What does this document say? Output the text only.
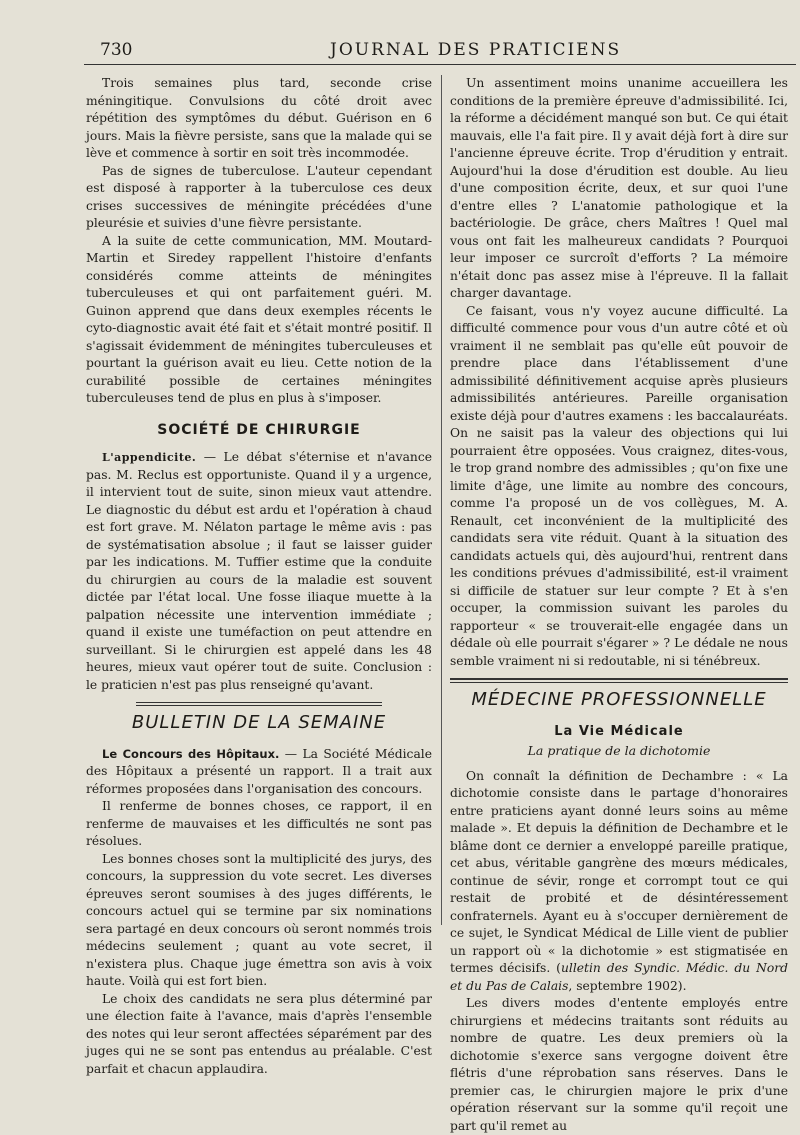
730	JOURNAL DES PRATICIENS

Trois semaines plus tard, seconde crise méningitique. Convulsions du côté droit avec répétition des symptômes du début. Guérison en 6 jours. Mais la fièvre persiste, sans que la malade qui se lève et commence à sortir en soit très incommodée.

Pas de signes de tuberculose. L'auteur cependant est disposé à rapporter à la tuberculose ces deux crises successives de méningite précédées d'une pleurésie et suivies d'une fièvre persistante.

A la suite de cette communication, MM. Moutard-Martin et Siredey rappellent l'histoire d'enfants considérés comme atteints de méningites tuberculeuses et qui ont parfaitement guéri. M. Guinon apprend que dans deux exemples récents le cyto-diagnostic avait été fait et s'était montré positif. Il s'agissait évidemment de méningites tuberculeuses et pourtant la guérison avait eu lieu. Cette notion de la curabilité possible de certaines méningites tuberculeuses tend de plus en plus à s'imposer.

SOCIÉTÉ DE CHIRURGIE

L'appendicite. — Le débat s'éternise et n'avance pas. M. Reclus est opportuniste. Quand il y a urgence, il intervient tout de suite, sinon mieux vaut attendre. Le diagnostic du début est ardu et l'opération à chaud est fort grave. M. Nélaton partage le même avis : pas de systématisation absolue ; il faut se laisser guider par les indications. M. Tuffier estime que la conduite du chirurgien au cours de la maladie est souvent dictée par l'état local. Une fosse iliaque muette à la palpation nécessite une intervention immédiate ; quand il existe une tuméfaction on peut attendre en surveillant. Si le chirurgien est appelé dans les 48 heures, mieux vaut opérer tout de suite. Conclusion : le praticien n'est pas plus renseigné qu'avant.

BULLETIN DE LA SEMAINE

Le Concours des Hôpitaux. — La Société Médicale des Hôpitaux a présenté un rapport. Il a trait aux réformes proposées dans l'organisation des concours.

Il renferme de bonnes choses, ce rapport, il en renferme de mauvaises et les difficultés ne sont pas résolues.

Les bonnes choses sont la multiplicité des jurys, des concours, la suppression du vote secret. Les diverses épreuves seront soumises à des juges différents, le concours actuel qui se termine par six nominations sera partagé en deux concours où seront nommés trois médecins seulement ; quant au vote secret, il n'existera plus. Chaque juge émettra son avis à voix haute. Voilà qui est fort bien.

Le choix des candidats ne sera plus déterminé par une élection faite à l'avance, mais d'après l'ensemble des notes qui leur seront affectées séparément par des juges qui ne se sont pas entendus au préalable. C'est parfait et chacun applaudira.

Un assentiment moins unanime accueillera les conditions de la première épreuve d'admissibilité. Ici, la réforme a décidément manqué son but. Ce qui était mauvais, elle l'a fait pire. Il y avait déjà fort à dire sur l'ancienne épreuve écrite. Trop d'érudition y entrait. Aujourd'hui la dose d'érudition est double. Au lieu d'une composition écrite, deux, et sur quoi l'une d'entre elles ? L'anatomie pathologique et la bactériologie. De grâce, chers Maîtres ! Quel mal vous ont fait les malheureux candidats ? Pourquoi leur imposer ce surcroît d'efforts ? La mémoire n'était donc pas assez mise à l'épreuve. Il la fallait charger davantage.

Ce faisant, vous n'y voyez aucune difficulté. La difficulté commence pour vous d'un autre côté et où vraiment il ne semblait pas qu'elle eût pouvoir de prendre place dans l'établissement d'une admissibilité définitivement acquise après plusieurs admissibilités antérieures. Pareille organisation existe déjà pour d'autres examens : les baccalauréats. On ne saisit pas la valeur des objections qui lui pourraient être opposées. Vous craignez, dites-vous, le trop grand nombre des admissibles ; qu'on fixe une limite d'âge, une limite au nombre des concours, comme l'a proposé un de vos collègues, M. A. Renault, cet inconvénient de la multiplicité des candidats sera vite réduit. Quant à la situation des candidats actuels qui, dès aujourd'hui, rentrent dans les conditions prévues d'admissibilité, est-il vraiment si difficile de statuer sur leur compte ? Et à s'en occuper, la commission suivant les paroles du rapporteur « se trouverait-elle engagée dans un dédale où elle pourrait s'égarer » ? Le dédale ne nous semble vraiment ni si redoutable, ni si ténébreux.

MÉDECINE PROFESSIONNELLE
La Vie Médicale
La pratique de la dichotomie

On connaît la définition de Dechambre : « La dichotomie consiste dans le partage d'honoraires entre praticiens ayant donné leurs soins au même malade ». Et depuis la définition de Dechambre et le blâme dont ce dernier a enveloppé pareille pratique, cet abus, véritable gangrène des mœurs médicales, continue de sévir, ronge et corrompt tout ce qui restait de probité et de désintéressement confraternels. Ayant eu à s'occuper dernièrement de ce sujet, le Syndicat Médical de Lille vient de publier un rapport où « la dichotomie » est stigmatisée en termes décisifs. (ulletin des Syndic. Médic. du Nord et du Pas de Calais, septembre 1902).

Les divers modes d'entente employés entre chirurgiens et médecins traitants sont réduits au nombre de quatre. Les deux premiers où la dichotomie s'exerce sans vergogne doivent être flétris d'une réprobation sans réserves. Dans le premier cas, le chirurgien majore le prix d'une opération réservant sur la somme qu'il reçoit une part qu'il remet au
